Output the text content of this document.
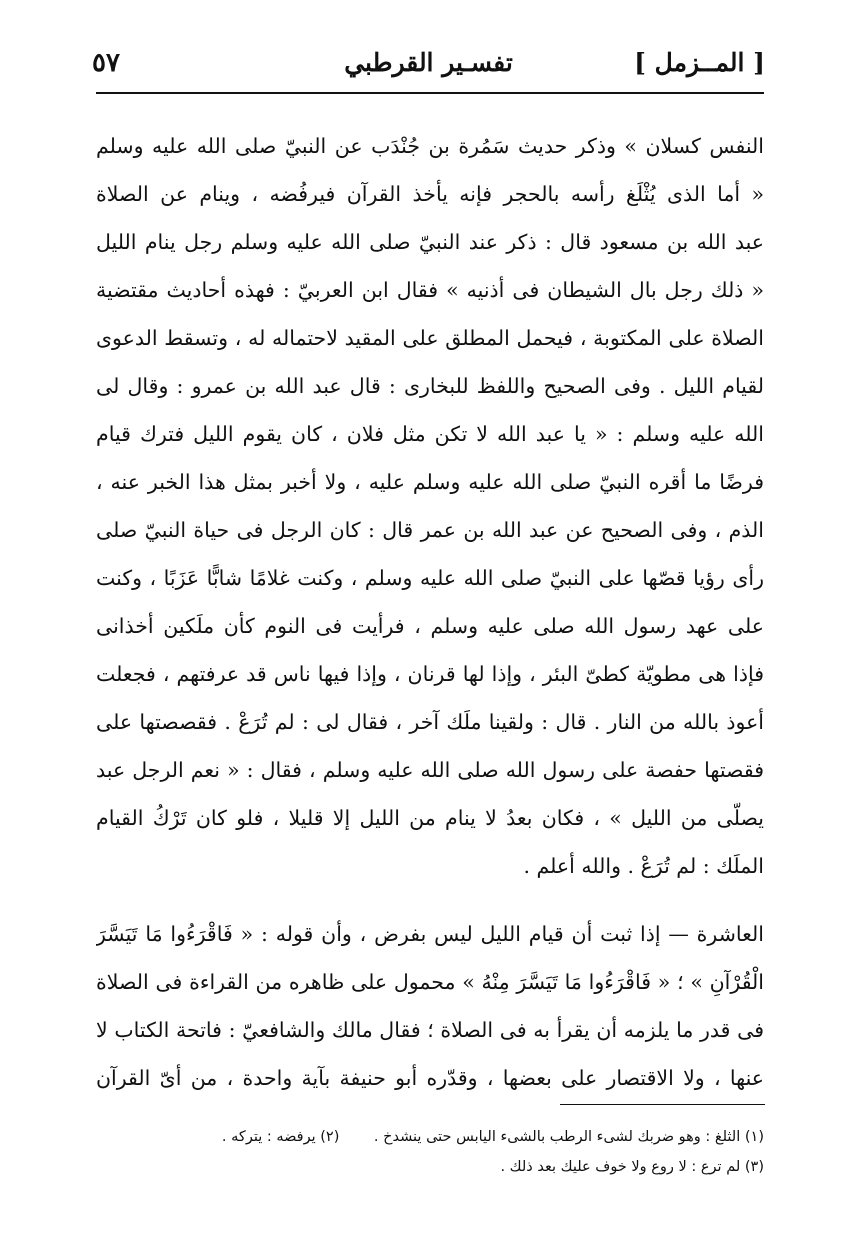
[ المــزمل ]
تفسـير القرطبي
٥٧
النفس كسلان » وذكر حديث سَمُرة بن جُنْدَب عن النبيّ صلى الله عليه وسلم
« أما الذى يُثْلَغ رأسه بالحجر فإنه يأخذ القرآن فيرفُضه ، وينام عن الصلاة
عبد الله بن مسعود قال : ذكر عند النبيّ صلى الله عليه وسلم رجل ينام الليل
« ذلك رجل بال الشيطان فى أذنيه » فقال ابن العربيّ : فهذه أحاديث مقتضية
الصلاة على المكتوبة ، فيحمل المطلق على المقيد لاحتماله له ، وتسقط الدعوى
لقيام الليل . وفى الصحيح واللفظ للبخارى : قال عبد الله بن عمرو : وقال لى
الله عليه وسلم : « يا عبد الله لا تكن مثل فلان ، كان يقوم الليل فترك قيام
فرضًا ما أقره النبيّ صلى الله عليه وسلم عليه ، ولا أخبر بمثل هذا الخبر عنه ،
الذم ، وفى الصحيح عن عبد الله بن عمر قال : كان الرجل فى حياة النبيّ صلى
رأى رؤيا قصّها على النبيّ صلى الله عليه وسلم ، وكنت غلامًا شابًّا عَزَبًا ، وكنت
على عهد رسول الله صلى عليه وسلم ، فرأيت فى النوم كأن ملَكين أخذانى
فإذا هى مطويّة كطىّ البئر ، وإذا لها قرنان ، وإذا فيها ناس قد عرفتهم ، فجعلت
أعوذ بالله من النار . قال : ولقينا ملَك آخر ، فقال لى : لم تُرَعْ . فقصصتها على
فقصتها حفصة على رسول الله صلى الله عليه وسلم ، فقال : « نعم الرجل عبد
يصلّى من الليل » ، فكان بعدُ لا ينام من الليل إلا قليلا ، فلو كان تَرْكُ القيام
الملَك : لم تُرَعْ . والله أعلم .
العاشرة — إذا ثبت أن قيام الليل ليس بفرض ، وأن قوله : « فَاقْرَءُوا مَا تَيَسَّرَ
الْقُرْآنِ » ؛ « فَاقْرَءُوا مَا تَيَسَّرَ مِنْهُ » محمول على ظاهره من القراءة فى الصلاة
فى قدر ما يلزمه أن يقرأ به فى الصلاة ؛ فقال مالك والشافعيّ : فاتحة الكتاب لا
عنها ، ولا الاقتصار على بعضها ، وقدّره أبو حنيفة بآية واحدة ، من أىّ القرآن
(١) الثلغ : وهو ضربك لشىء الرطب بالشىء اليابس حتى ينشدخ . (٢) يرفضه : يتركه .
(٣) لم ترع : لا روع ولا خوف عليك بعد ذلك .
